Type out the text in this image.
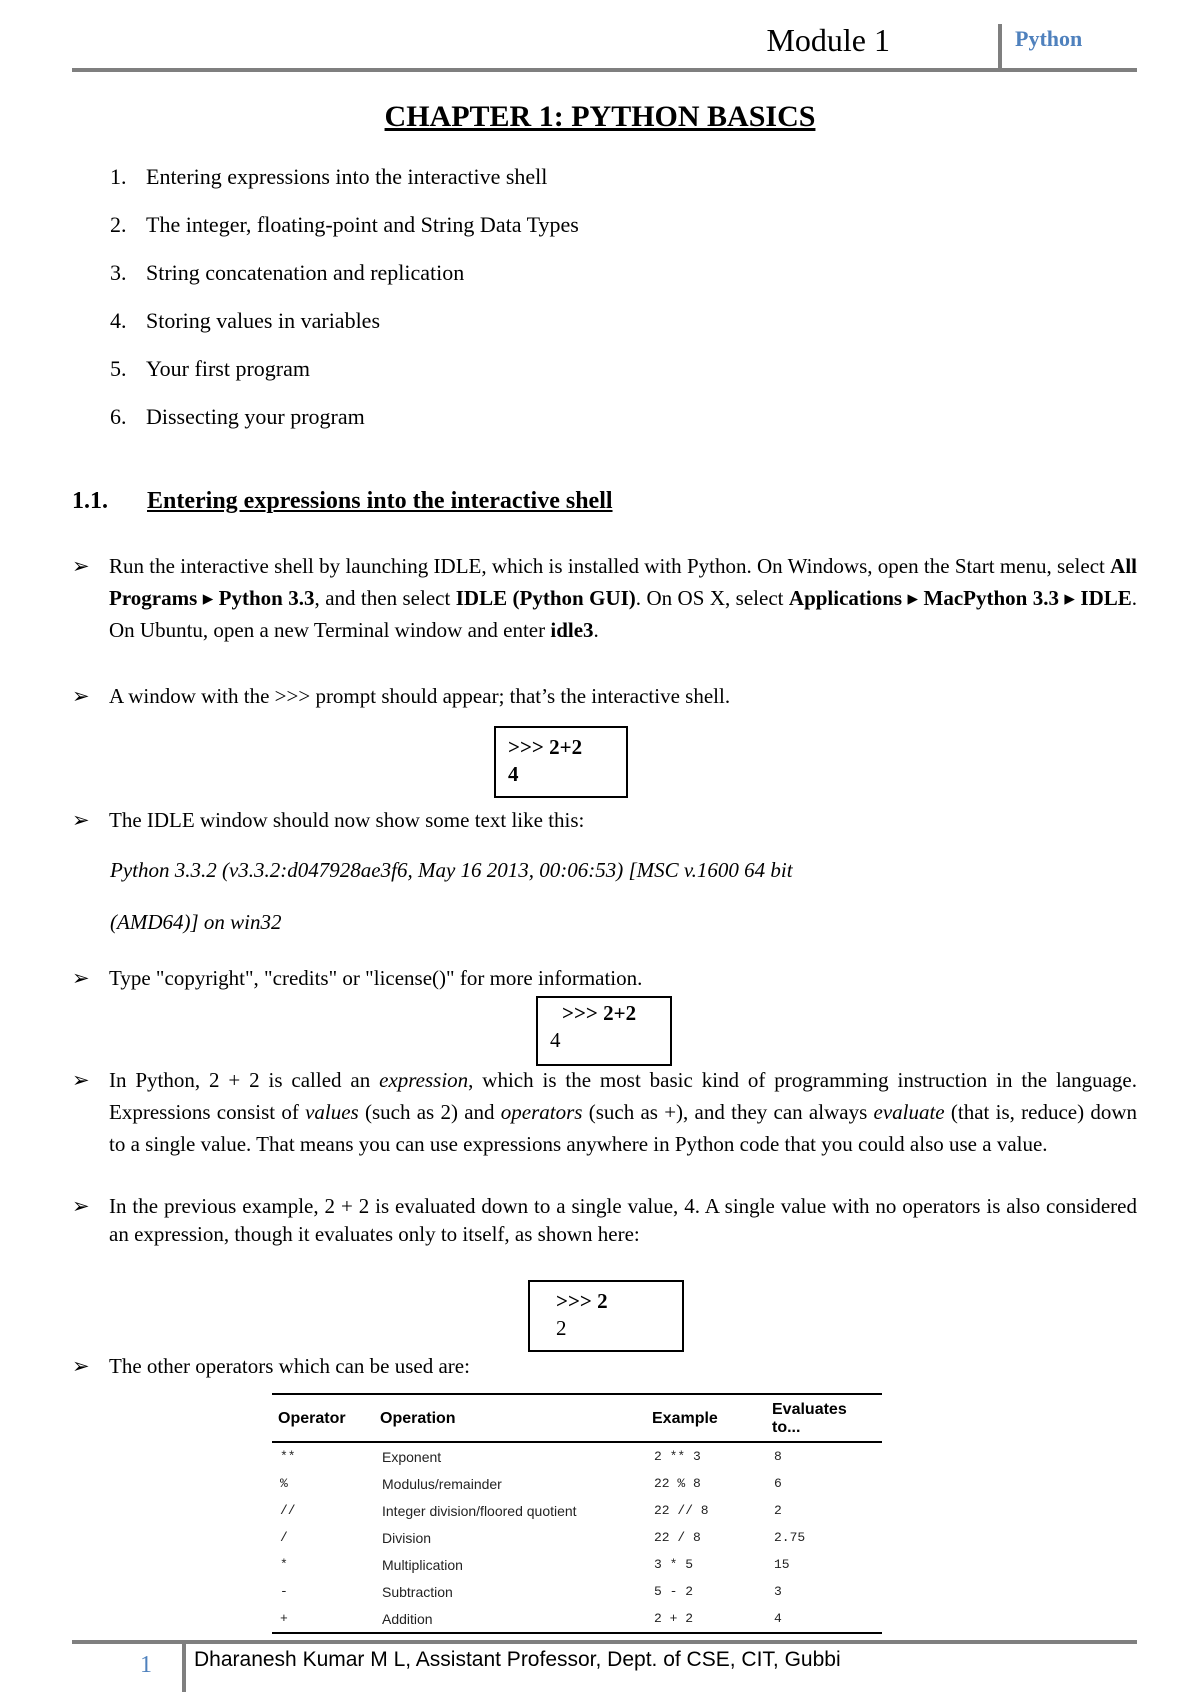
Module 1	Python
CHAPTER 1: PYTHON BASICS
1. Entering expressions into the interactive shell
2. The integer, floating-point and String Data Types
3. String concatenation and replication
4. Storing values in variables
5. Your first program
6. Dissecting your program
1.1. Entering expressions into the interactive shell
➢ Run the interactive shell by launching IDLE, which is installed with Python. On Windows, open the Start menu, select All Programs ▸ Python 3.3, and then select IDLE (Python GUI). On OS X, select Applications ▸ MacPython 3.3 ▸ IDLE. On Ubuntu, open a new Terminal window and enter idle3.
➢ A window with the >>> prompt should appear; that’s the interactive shell.
>>> 2+2
4
➢ The IDLE window should now show some text like this:
Python 3.3.2 (v3.3.2:d047928ae3f6, May 16 2013, 00:06:53) [MSC v.1600 64 bit
(AMD64)] on win32
➢ Type "copyright", "credits" or "license()" for more information.
>>> 2+2
4
➢ In Python, 2 + 2 is called an expression, which is the most basic kind of programming instruction in the language. Expressions consist of values (such as 2) and operators (such as +), and they can always evaluate (that is, reduce) down to a single value. That means you can use expressions anywhere in Python code that you could also use a value.
➢ In the previous example, 2 + 2 is evaluated down to a single value, 4. A single value with no operators is also considered an expression, though it evaluates only to itself, as shown here:
>>> 2
2
➢ The other operators which can be used are:
Operator	Operation	Example	Evaluates to...
**	Exponent	2 ** 3	8
%	Modulus/remainder	22 % 8	6
//	Integer division/floored quotient	22 // 8	2
/	Division	22 / 8	2.75
*	Multiplication	3 * 5	15
-	Subtraction	5 - 2	3
+	Addition	2 + 2	4
1 Dharanesh Kumar M L, Assistant Professor, Dept. of CSE, CIT, Gubbi
